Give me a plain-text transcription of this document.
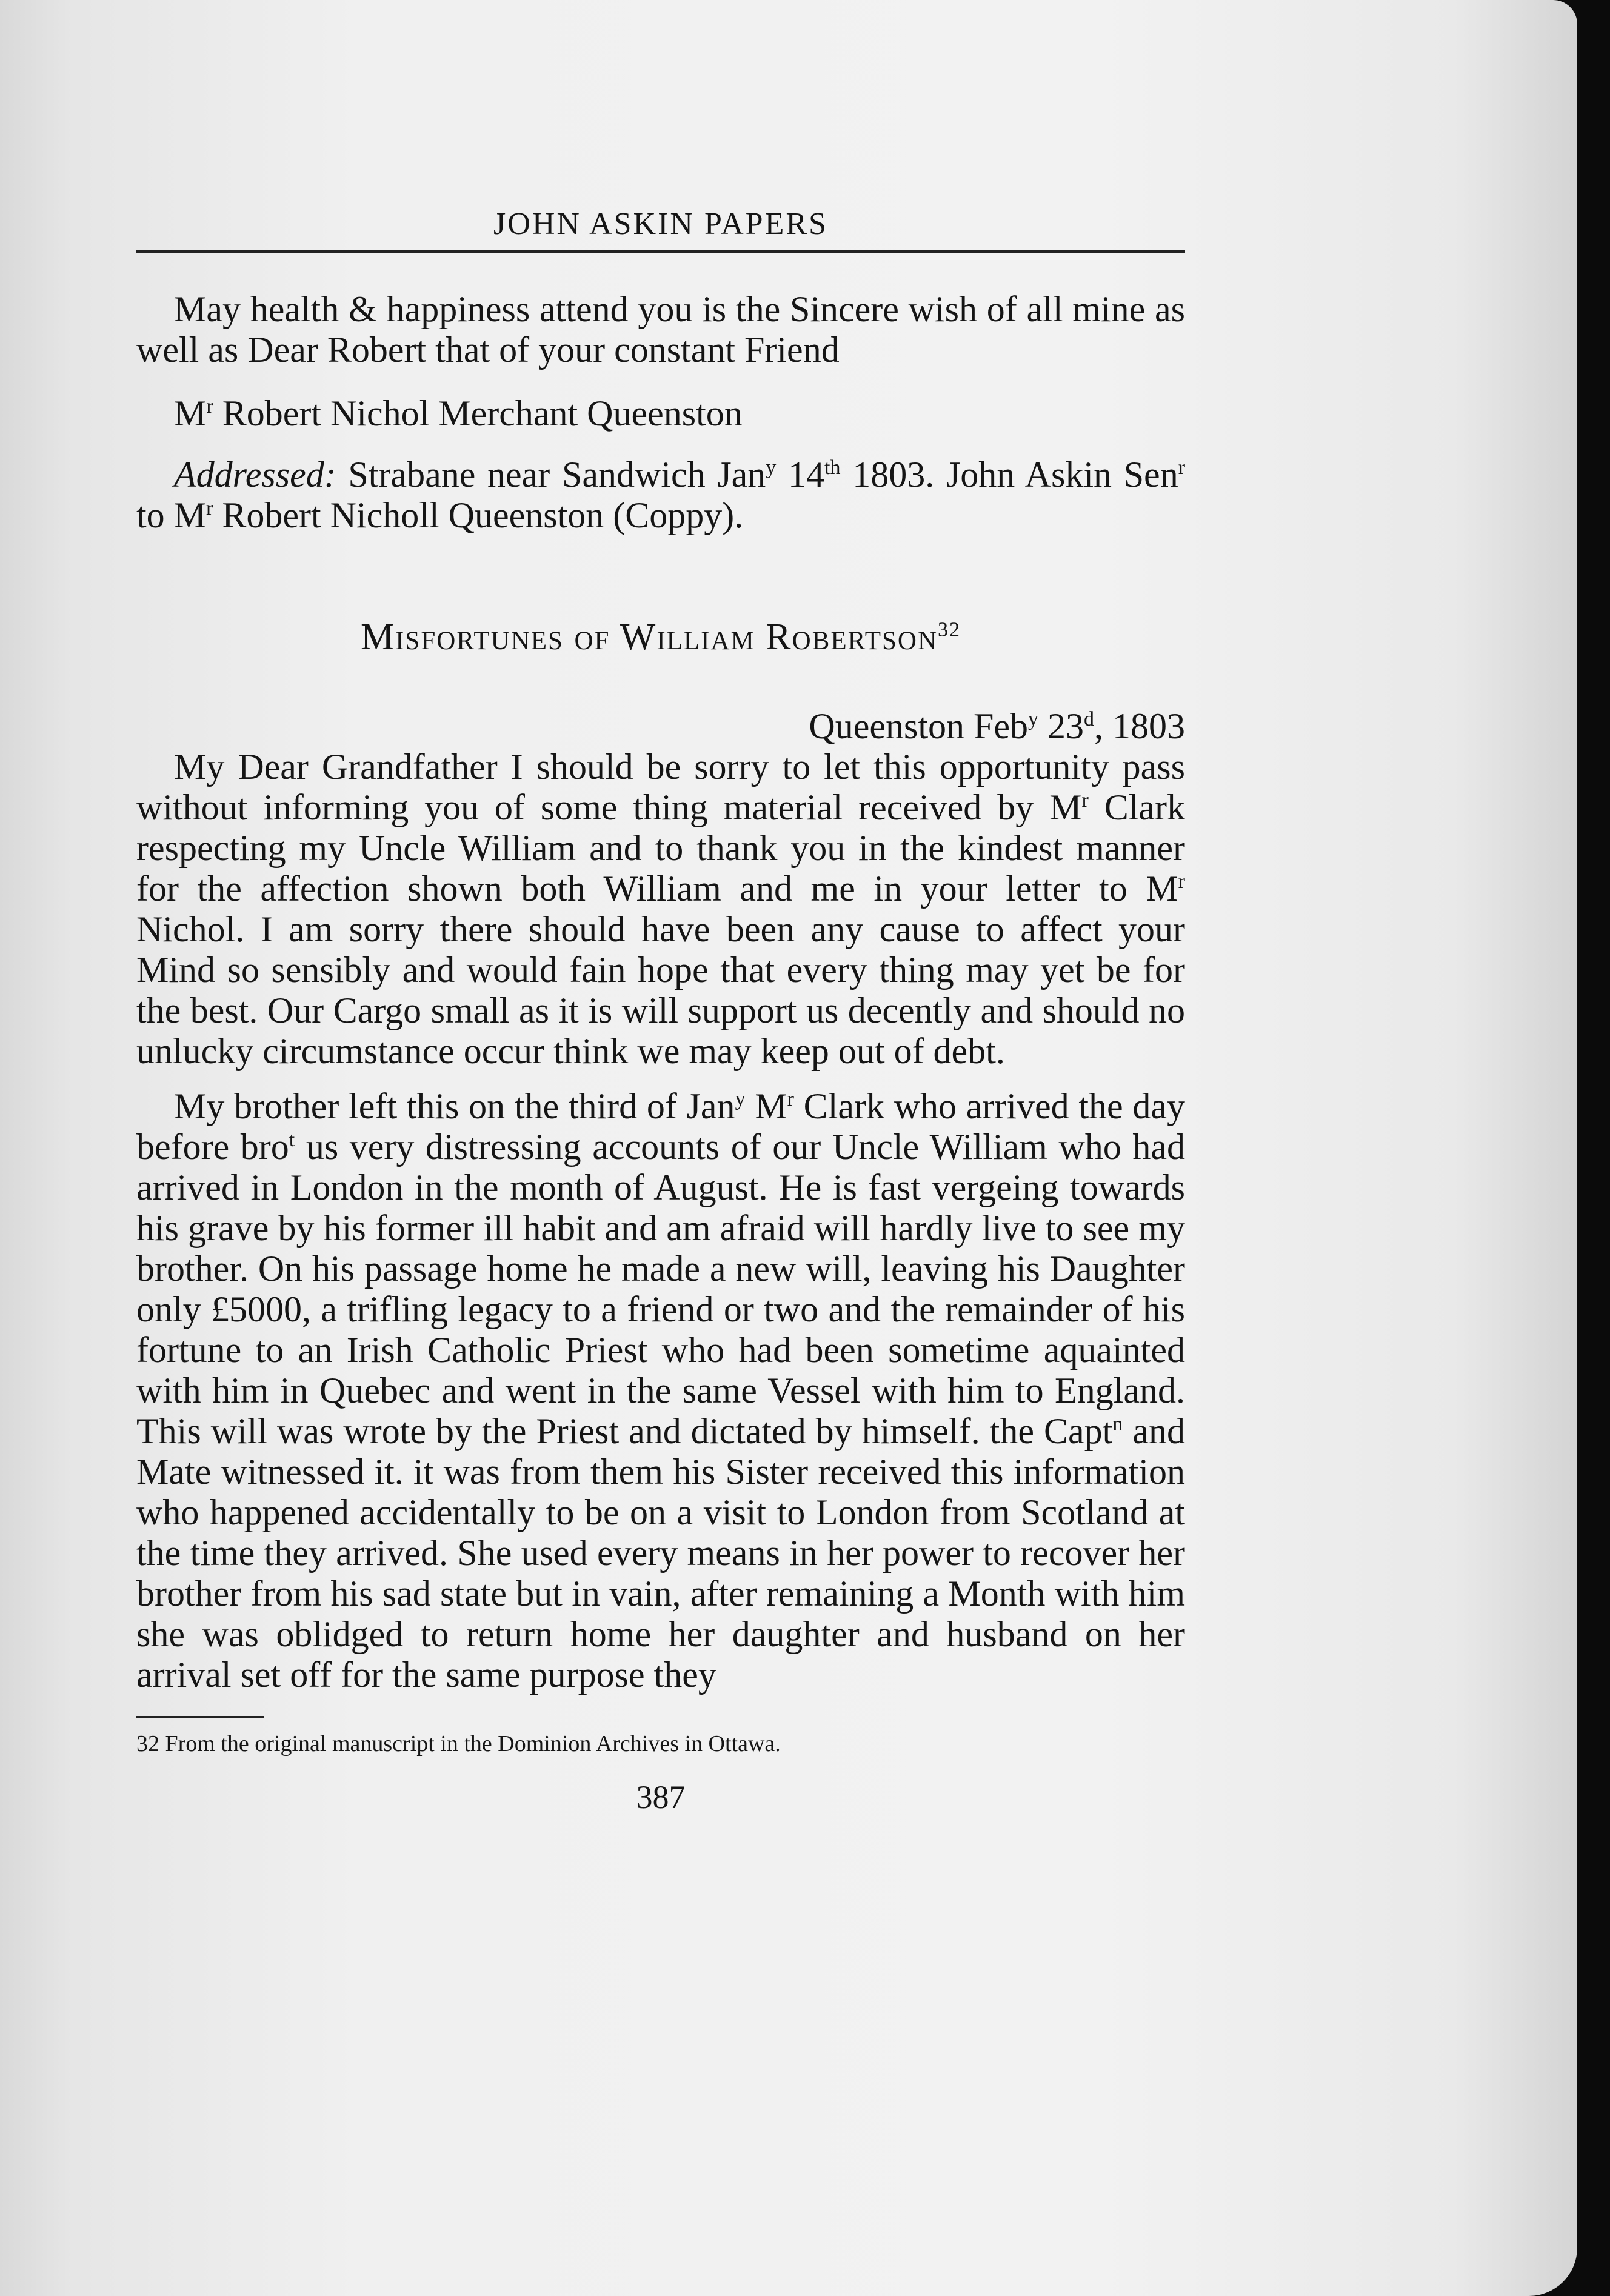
JOHN ASKIN PAPERS

May health & happiness attend you is the Sincere wish of all mine as well as Dear Robert that of your constant Friend

$M^r$ Robert Nichol Merchant Queenston

Addressed: Strabane near Sandwich Jan$^y$ 14th 1803. John Askin Sen$^r$ to $M^r$ Robert Nicholl Queenston (Coppy).

Misfortunes of William Robertson$^{32}$

Queenston Feb$^y$ 23$^d$, 1803

My Dear Grandfather I should be sorry to let this opportunity pass without informing you of some thing material received by $M^r$ Clark respecting my Uncle William and to thank you in the kindest manner for the affection shown both William and me in your letter to $M^r$ Nichol. I am sorry there should have been any cause to affect your Mind so sensibly and would fain hope that every thing may yet be for the best. Our Cargo small as it is will support us decently and should no unlucky circumstance occur think we may keep out of debt.

My brother left this on the third of Jan$^y$ $M^r$ Clark who arrived the day before bro$^t$ us very distressing accounts of our Uncle William who had arrived in London in the month of August. He is fast vergeing towards his grave by his former ill habit and am afraid will hardly live to see my brother. On his passage home he made a new will, leaving his Daughter only £5000, a trifling legacy to a friend or two and the remainder of his fortune to an Irish Catholic Priest who had been sometime aquainted with him in Quebec and went in the same Vessel with him to England. This will was wrote by the Priest and dictated by himself. the Capt$^n$ and Mate witnessed it. it was from them his Sister received this information who happened accidentally to be on a visit to London from Scotland at the time they arrived. She used every means in her power to recover her brother from his sad state but in vain, after remaining a Month with him she was oblidged to return home her daughter and husband on her arrival set off for the same purpose they

32 From the original manuscript in the Dominion Archives in Ottawa.

387
